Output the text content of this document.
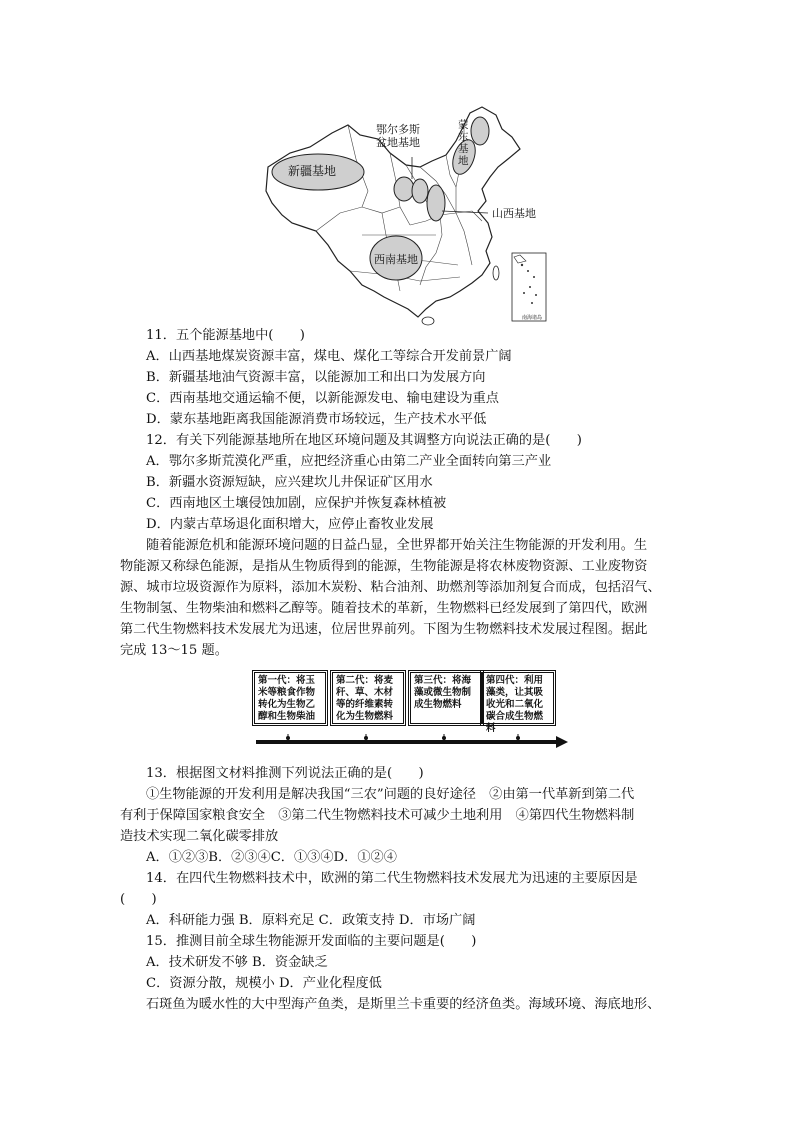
鄂尔多斯
盆地基地
新疆基地
蒙
东
基
地
山西基地
西南基地
南海诸岛
11．五个能源基地中(　　)
A．山西基地煤炭资源丰富，煤电、煤化工等综合开发前景广阔
B．新疆基地油气资源丰富，以能源加工和出口为发展方向
C．西南基地交通运输不便，以新能源发电、输电建设为重点
D．蒙东基地距离我国能源消费市场较远，生产技术水平低
12．有关下列能源基地所在地区环境问题及其调整方向说法正确的是(　　)
A．鄂尔多斯荒漠化严重，应把经济重心由第二产业全面转向第三产业
B．新疆水资源短缺，应兴建坎儿井保证矿区用水
C．西南地区土壤侵蚀加剧，应保护并恢复森林植被
D．内蒙古草场退化面积增大，应停止畜牧业发展
随着能源危机和能源环境问题的日益凸显，全世界都开始关注生物能源的开发利用。生
物能源又称绿色能源，是指从生物质得到的能源，生物能源是将农林废物资源、工业废物资
源、城市垃圾资源作为原料，添加木炭粉、粘合油剂、助燃剂等添加剂复合而成，包括沼气、
生物制氢、生物柴油和燃料乙醇等。随着技术的革新，生物燃料已经发展到了第四代，欧洲
第二代生物燃料技术发展尤为迅速，位居世界前列。下图为生物燃料技术发展过程图。据此
完成 13～15 题。
第一代：将玉米等粮食作物转化为生物乙醇和生物柴油
第二代：将麦秆、草、木材等的纤维素转化为生物燃料
第三代：将海藻或微生物制成生物燃料
第四代：利用藻类，让其吸收光和二氧化碳合成生物燃料
13．根据图文材料推测下列说法正确的是(　　)
①生物能源的开发利用是解决我国“三农”问题的良好途径　②由第一代革新到第二代
有利于保障国家粮食安全　③第二代生物燃料技术可减少土地利用　④第四代生物燃料制
造技术实现二氧化碳零排放
A．①②③B．②③④C．①③④D．①②④
14．在四代生物燃料技术中，欧洲的第二代生物燃料技术发展尤为迅速的主要原因是
(　　)
A．科研能力强 B．原料充足 C．政策支持 D．市场广阔
15．推测目前全球生物能源开发面临的主要问题是(　　)
A．技术研发不够 B．资金缺乏
C．资源分散，规模小 D．产业化程度低
石斑鱼为暖水性的大中型海产鱼类，是斯里兰卡重要的经济鱼类。海域环境、海底地形、
